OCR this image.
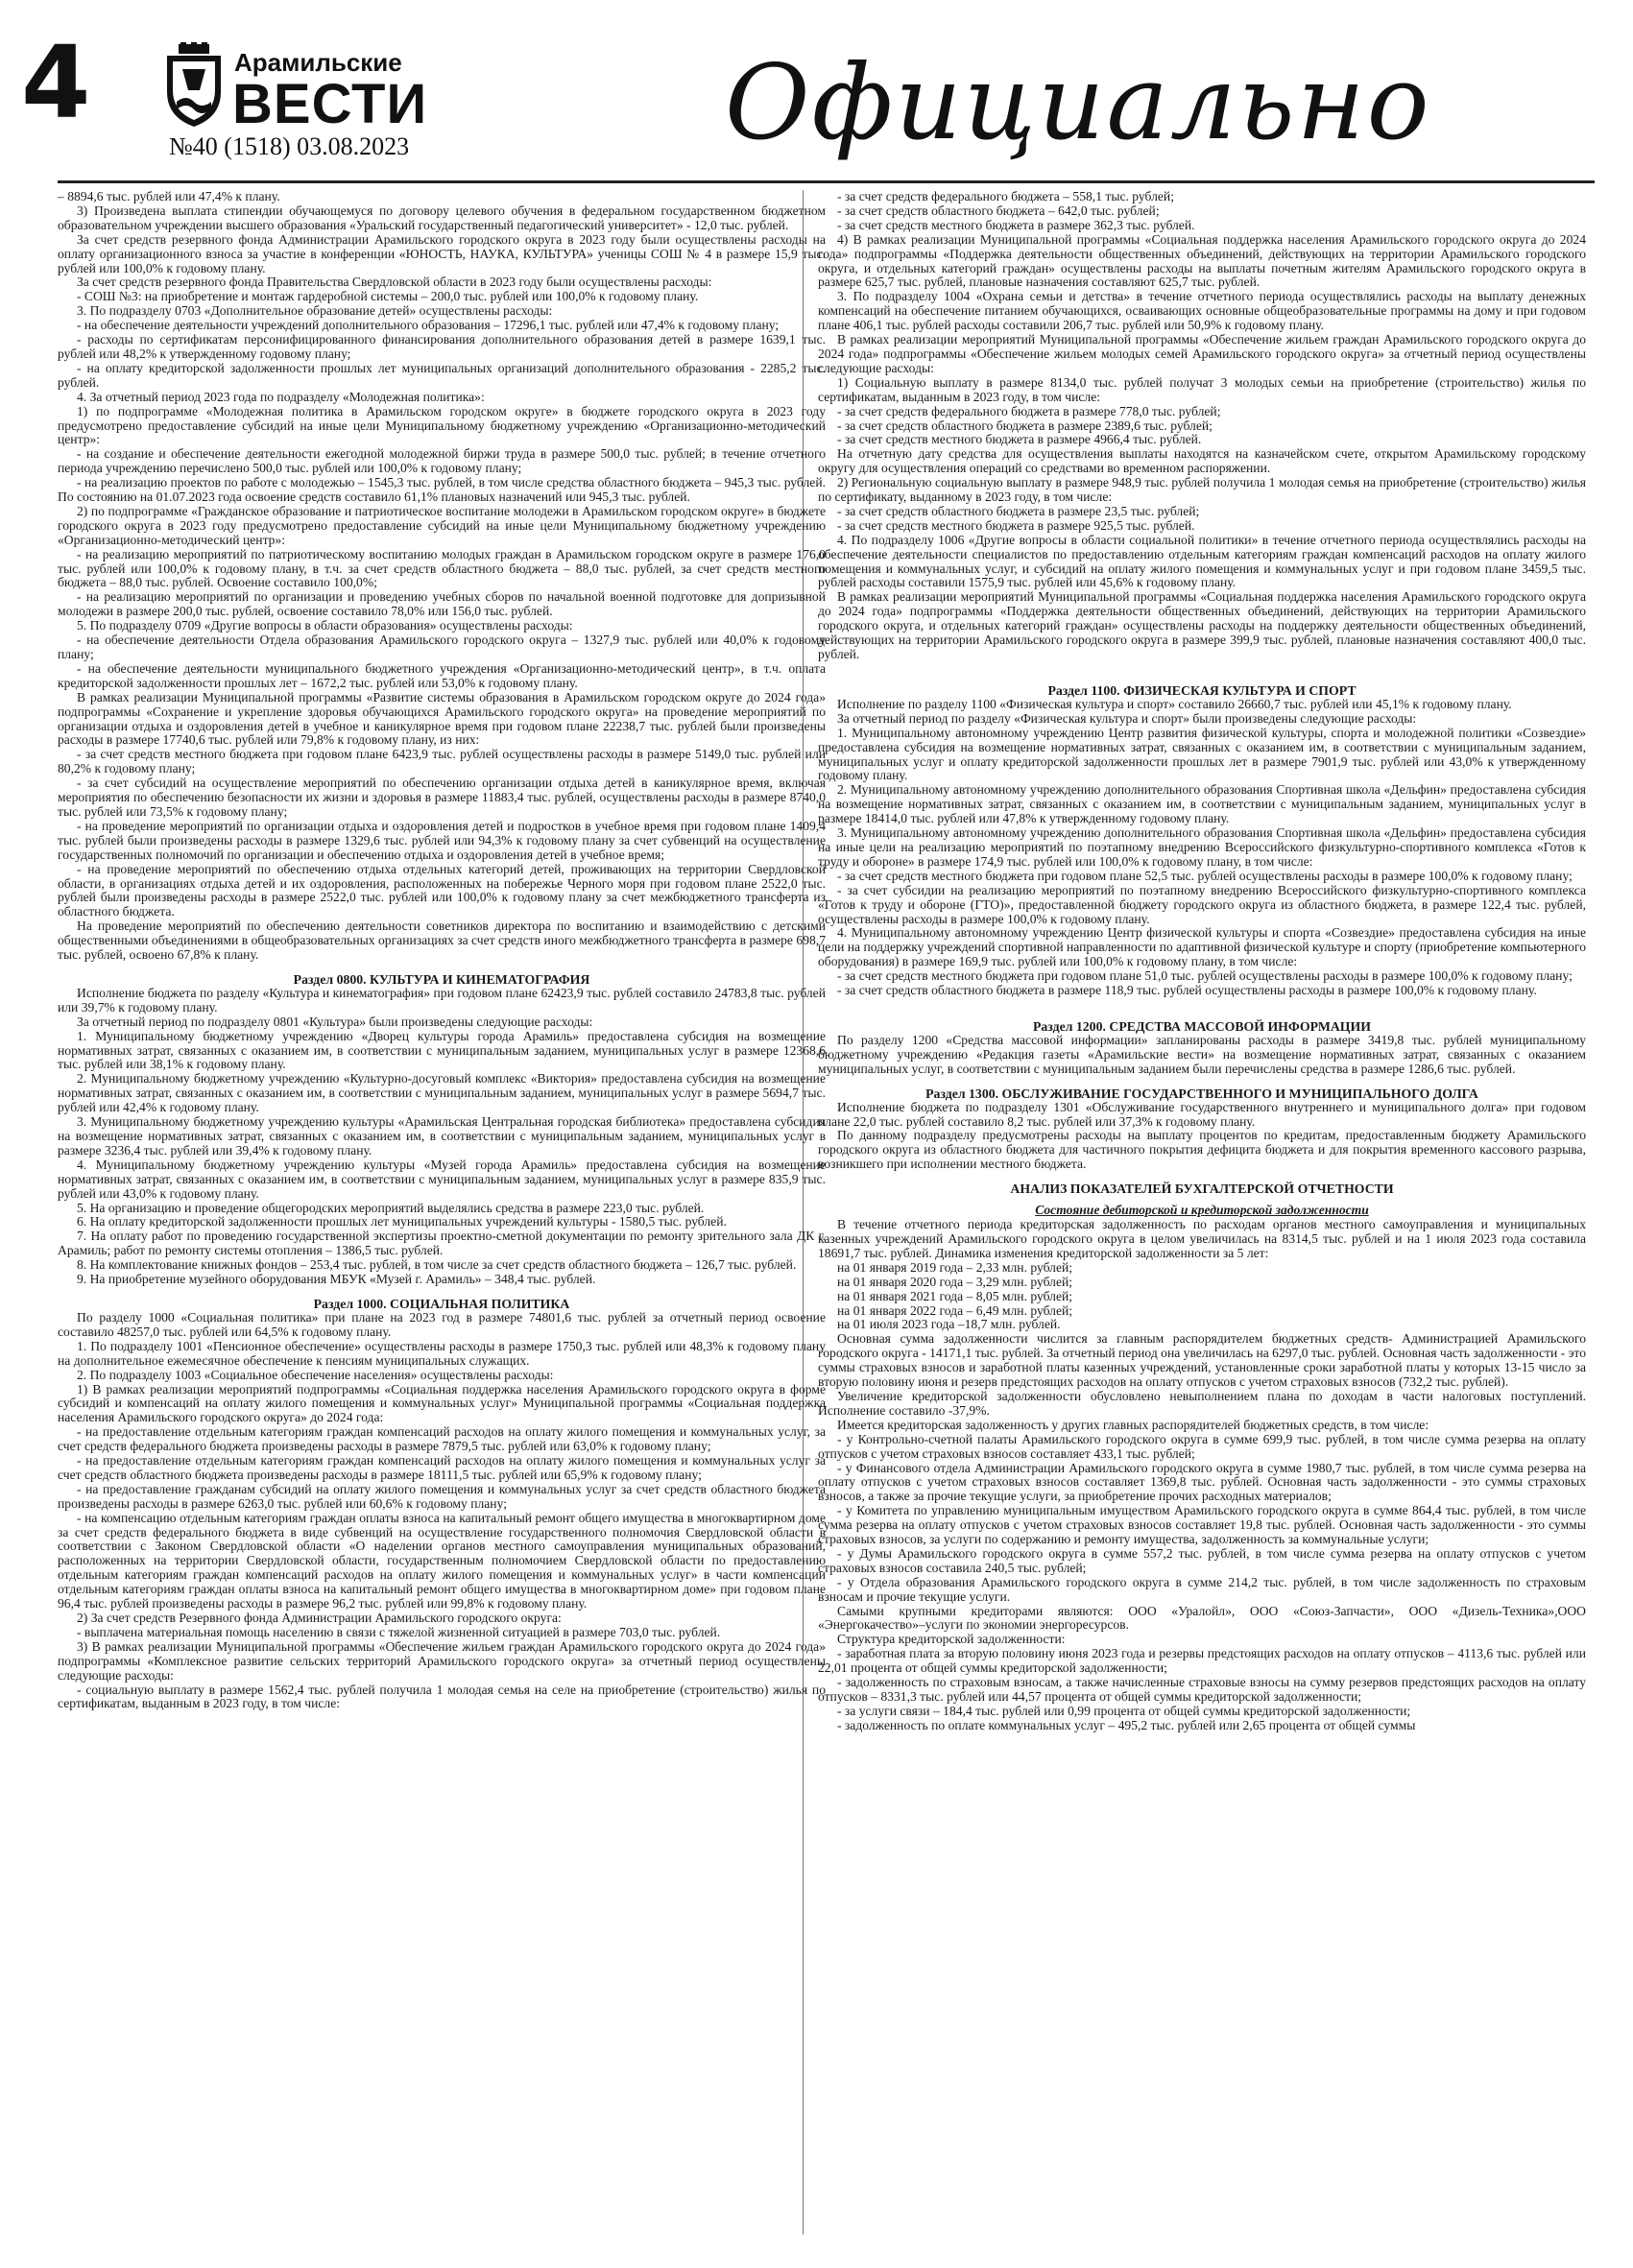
4	Арамильские
ВЕСТИ
№40 (1518) 03.08.2023	Официально

– 8894,6 тыс. рублей или 47,4% к плану.

3) Произведена выплата стипендии обучающемуся по договору целевого обучения в федеральном государственном бюджетном образовательном учреждении высшего образования «Уральский государственный педагогический университет» - 12,0 тыс. рублей.

За счет средств резервного фонда Администрации Арамильского городского округа в 2023 году были осуществлены расходы на оплату организационного взноса за участие в конференции «ЮНОСТЬ, НАУКА, КУЛЬТУРА» ученицы СОШ № 4 в размере 15,9 тыс. рублей или 100,0% к годовому плану.

За счет средств резервного фонда Правительства Свердловской области в 2023 году были осуществлены расходы:

- СОШ №3: на приобретение и монтаж гардеробной системы – 200,0 тыс. рублей или 100,0% к годовому плану.

3. По подразделу 0703 «Дополнительное образование детей» осуществлены расходы:

- на обеспечение деятельности учреждений дополнительного образования – 17296,1 тыс. рублей или 47,4% к годовому плану;

- расходы по сертификатам персонифицированного финансирования дополнительного образования детей в размере 1639,1 тыс. рублей или 48,2% к утвержденному годовому плану;

- на оплату кредиторской задолженности прошлых лет муниципальных организаций дополнительного образования - 2285,2 тыс. рублей.

4. За отчетный период 2023 года по подразделу «Молодежная политика»:

1) по подпрограмме «Молодежная политика в Арамильском городском округе» в бюджете городского округа в 2023 году предусмотрено предоставление субсидий на иные цели Муниципальному бюджетному учреждению «Организационно-методический центр»:

- на создание и обеспечение деятельности ежегодной молодежной биржи труда в размере 500,0 тыс. рублей; в течение отчетного периода учреждению перечислено 500,0 тыс. рублей или 100,0% к годовому плану;

- на реализацию проектов по работе с молодежью – 1545,3 тыс. рублей, в том числе средства областного бюджета – 945,3 тыс. рублей. По состоянию на 01.07.2023 года освоение средств составило 61,1% плановых назначений или 945,3 тыс. рублей.

2) по подпрограмме «Гражданское образование и патриотическое воспитание молодежи в Арамильском городском округе» в бюджете городского округа в 2023 году предусмотрено предоставление субсидий на иные цели Муниципальному бюджетному учреждению «Организационно-методический центр»:

- на реализацию мероприятий по патриотическому воспитанию молодых граждан в Арамильском городском округе в размере 176,0 тыс. рублей или 100,0% к годовому плану, в т.ч. за счет средств областного бюджета – 88,0 тыс. рублей, за счет средств местного бюджета – 88,0 тыс. рублей. Освоение составило 100,0%;

- на реализацию мероприятий по организации и проведению учебных сборов по начальной военной подготовке для допризывной молодежи в размере 200,0 тыс. рублей, освоение составило 78,0% или 156,0 тыс. рублей.

5. По подразделу 0709 «Другие вопросы в области образования» осуществлены расходы:

- на обеспечение деятельности Отдела образования Арамильского городского округа – 1327,9 тыс. рублей или 40,0% к годовому плану;

- на обеспечение деятельности муниципального бюджетного учреждения «Организационно-методический центр», в т.ч. оплата кредиторской задолженности прошлых лет – 1672,2 тыс. рублей или 53,0% к годовому плану.

В рамках реализации Муниципальной программы «Развитие системы образования в Арамильском городском округе до 2024 года» подпрограммы «Сохранение и укрепление здоровья обучающихся Арамильского городского округа» на проведение мероприятий по организации отдыха и оздоровления детей в учебное и каникулярное время при годовом плане 22238,7 тыс. рублей были произведены расходы в размере 17740,6 тыс. рублей или 79,8% к годовому плану, из них:

- за счет средств местного бюджета при годовом плане 6423,9 тыс. рублей осуществлены расходы в размере 5149,0 тыс. рублей или 80,2% к годовому плану;

- за счет субсидий на осуществление мероприятий по обеспечению организации отдыха детей в каникулярное время, включая мероприятия по обеспечению безопасности их жизни и здоровья в размере 11883,4 тыс. рублей, осуществлены расходы в размере 8740,0 тыс. рублей или 73,5% к годовому плану;

- на проведение мероприятий по организации отдыха и оздоровления детей и подростков в учебное время при годовом плане 1409,4 тыс. рублей были произведены расходы в размере 1329,6 тыс. рублей или 94,3% к годовому плану за счет субвенций на осуществление государственных полномочий по организации и обеспечению отдыха и оздоровления детей в учебное время;

- на проведение мероприятий по обеспечению отдыха отдельных категорий детей, проживающих на территории Свердловской области, в организациях отдыха детей и их оздоровления, расположенных на побережье Черного моря при годовом плане 2522,0 тыс. рублей были произведены расходы в размере 2522,0 тыс. рублей или 100,0% к годовому плану за счет межбюджетного трансферта из областного бюджета.

На проведение мероприятий по обеспечению деятельности советников директора по воспитанию и взаимодействию с детскими общественными объединениями в общеобразовательных организациях за счет средств иного межбюджетного трансферта в размере 698,7 тыс. рублей, освоено 67,8% к плану.

Раздел 0800. КУЛЬТУРА И КИНЕМАТОГРАФИЯ

Исполнение бюджета по разделу «Культура и кинематография» при годовом плане 62423,9 тыс. рублей составило 24783,8 тыс. рублей или 39,7% к годовому плану.

За отчетный период по подразделу 0801 «Культура» были произведены следующие расходы:

1. Муниципальному бюджетному учреждению «Дворец культуры города Арамиль» предоставлена субсидия на возмещение нормативных затрат, связанных с оказанием им, в соответствии с муниципальным заданием, муниципальных услуг в размере 12368,6 тыс. рублей или 38,1% к годовому плану.

2. Муниципальному бюджетному учреждению «Культурно-досуговый комплекс «Виктория» предоставлена субсидия на возмещение нормативных затрат, связанных с оказанием им, в соответствии с муниципальным заданием, муниципальных услуг в размере 5694,7 тыс. рублей или 42,4% к годовому плану.

3. Муниципальному бюджетному учреждению культуры «Арамильская Центральная городская библиотека» предоставлена субсидия на возмещение нормативных затрат, связанных с оказанием им, в соответствии с муниципальным заданием, муниципальных услуг в размере 3236,4 тыс. рублей или 39,4% к годовому плану.

4. Муниципальному бюджетному учреждению культуры «Музей города Арамиль» предоставлена субсидия на возмещение нормативных затрат, связанных с оказанием им, в соответствии с муниципальным заданием, муниципальных услуг в размере 835,9 тыс. рублей или 43,0% к годовому плану.

5. На организацию и проведение общегородских мероприятий выделялись средства в размере 223,0 тыс. рублей.

6. На оплату кредиторской задолженности прошлых лет муниципальных учреждений культуры - 1580,5 тыс. рублей.

7. На оплату работ по проведению государственной экспертизы проектно-сметной документации по ремонту зрительного зала ДК г. Арамиль; работ по ремонту системы отопления – 1386,5 тыс. рублей.

8. На комплектование книжных фондов – 253,4 тыс. рублей, в том числе за счет средств областного бюджета – 126,7 тыс. рублей.

9. На приобретение музейного оборудования МБУК «Музей г. Арамиль» – 348,4 тыс. рублей.

Раздел 1000. СОЦИАЛЬНАЯ ПОЛИТИКА

По разделу 1000 «Социальная политика» при плане на 2023 год в размере 74801,6 тыс. рублей за отчетный период освоение составило 48257,0 тыс. рублей или 64,5% к годовому плану.

1. По подразделу 1001 «Пенсионное обеспечение» осуществлены расходы в размере 1750,3 тыс. рублей или 48,3% к годовому плану на дополнительное ежемесячное обеспечение к пенсиям муниципальных служащих.

2. По подразделу 1003 «Социальное обеспечение населения» осуществлены расходы:

1) В рамках реализации мероприятий подпрограммы «Социальная поддержка населения Арамильского городского округа в форме субсидий и компенсаций на оплату жилого помещения и коммунальных услуг» Муниципальной программы «Социальная поддержка населения Арамильского городского округа» до 2024 года:

- на предоставление отдельным категориям граждан компенсаций расходов на оплату жилого помещения и коммунальных услуг, за счет средств федерального бюджета произведены расходы в размере 7879,5 тыс. рублей или 63,0% к годовому плану;

- на предоставление отдельным категориям граждан компенсаций расходов на оплату жилого помещения и коммунальных услуг за счет средств областного бюджета произведены расходы в размере 18111,5 тыс. рублей или 65,9% к годовому плану;

- на предоставление гражданам субсидий на оплату жилого помещения и коммунальных услуг за счет средств областного бюджета произведены расходы в размере 6263,0 тыс. рублей или 60,6% к годовому плану;

- на компенсацию отдельным категориям граждан оплаты взноса на капитальный ремонт общего имущества в многоквартирном доме за счет средств федерального бюджета в виде субвенций на осуществление государственного полномочия Свердловской области в соответствии с Законом Свердловской области «О наделении органов местного самоуправления муниципальных образований, расположенных на территории Свердловской области, государственным полномочием Свердловской области по предоставлению отдельным категориям граждан компенсаций расходов на оплату жилого помещения и коммунальных услуг» в части компенсации отдельным категориям граждан оплаты взноса на капитальный ремонт общего имущества в многоквартирном доме» при годовом плане 96,4 тыс. рублей произведены расходы в размере 96,2 тыс. рублей или 99,8% к годовому плану.

2) За счет средств Резервного фонда Администрации Арамильского городского округа:

- выплачена материальная помощь населению в связи с тяжелой жизненной ситуацией в размере 703,0 тыс. рублей.

3) В рамках реализации Муниципальной программы «Обеспечение жильем граждан Арамильского городского округа до 2024 года» подпрограммы «Комплексное развитие сельских территорий Арамильского городского округа» за отчетный период осуществлены следующие расходы:

- социальную выплату в размере 1562,4 тыс. рублей получила 1 молодая семья на селе на приобретение (строительство) жилья по сертификатам, выданным в 2023 году, в том числе:

- за счет средств федерального бюджета – 558,1 тыс. рублей;

- за счет средств областного бюджета – 642,0 тыс. рублей;

- за счет средств местного бюджета в размере 362,3 тыс. рублей.

4) В рамках реализации Муниципальной программы «Социальная поддержка населения Арамильского городского округа до 2024 года» подпрограммы «Поддержка деятельности общественных объединений, действующих на территории Арамильского городского округа, и отдельных категорий граждан» осуществлены расходы на выплаты почетным жителям Арамильского городского округа в размере 625,7 тыс. рублей, плановые назначения составляют 625,7 тыс. рублей.

3. По подразделу 1004 «Охрана семьи и детства» в течение отчетного периода осуществлялись расходы на выплату денежных компенсаций на обеспечение питанием обучающихся, осваивающих основные общеобразовательные программы на дому и при годовом плане 406,1 тыс. рублей расходы составили 206,7 тыс. рублей или 50,9% к годовому плану.

В рамках реализации мероприятий Муниципальной программы «Обеспечение жильем граждан Арамильского городского округа до 2024 года» подпрограммы «Обеспечение жильем молодых семей Арамильского городского округа» за отчетный период осуществлены следующие расходы:

1) Социальную выплату в размере 8134,0 тыс. рублей получат 3 молодых семьи на приобретение (строительство) жилья по сертификатам, выданным в 2023 году, в том числе:

- за счет средств федерального бюджета в размере 778,0 тыс. рублей;

- за счет средств областного бюджета в размере 2389,6 тыс. рублей;

- за счет средств местного бюджета в размере 4966,4 тыс. рублей.

На отчетную дату средства для осуществления выплаты находятся на казначейском счете, открытом Арамильскому городскому округу для осуществления операций со средствами во временном распоряжении.

2) Региональную социальную выплату в размере 948,9 тыс. рублей получила 1 молодая семья на приобретение (строительство) жилья по сертификату, выданному в 2023 году, в том числе:

- за счет средств областного бюджета в размере 23,5 тыс. рублей;

- за счет средств местного бюджета в размере 925,5 тыс. рублей.

4. По подразделу 1006 «Другие вопросы в области социальной политики» в течение отчетного периода осуществлялись расходы на обеспечение деятельности специалистов по предоставлению отдельным категориям граждан компенсаций расходов на оплату жилого помещения и коммунальных услуг, и субсидий на оплату жилого помещения и коммунальных услуг и при годовом плане 3459,5 тыс. рублей расходы составили 1575,9 тыс. рублей или 45,6% к годовому плану.

В рамках реализации мероприятий Муниципальной программы «Социальная поддержка населения Арамильского городского округа до 2024 года» подпрограммы «Поддержка деятельности общественных объединений, действующих на территории Арамильского городского округа, и отдельных категорий граждан» осуществлены расходы на поддержку деятельности общественных объединений, действующих на территории Арамильского городского округа в размере 399,9 тыс. рублей, плановые назначения составляют 400,0 тыс. рублей.

Раздел 1100. ФИЗИЧЕСКАЯ КУЛЬТУРА И СПОРТ

Исполнение по разделу 1100 «Физическая культура и спорт» составило 26660,7 тыс. рублей или 45,1% к годовому плану.

За отчетный период по разделу «Физическая культура и спорт» были произведены следующие расходы:

1. Муниципальному автономному учреждению Центр развития физической культуры, спорта и молодежной политики «Созвездие» предоставлена субсидия на возмещение нормативных затрат, связанных с оказанием им, в соответствии с муниципальным заданием, муниципальных услуг и оплату кредиторской задолженности прошлых лет в размере 7901,9 тыс. рублей или 43,0% к утвержденному годовому плану.

2. Муниципальному автономному учреждению дополнительного образования Спортивная школа «Дельфин» предоставлена субсидия на возмещение нормативных затрат, связанных с оказанием им, в соответствии с муниципальным заданием, муниципальных услуг в размере 18414,0 тыс. рублей или 47,8% к утвержденному годовому плану.

3. Муниципальному автономному учреждению дополнительного образования Спортивная школа «Дельфин» предоставлена субсидия на иные цели на реализацию мероприятий по поэтапному внедрению Всероссийского физкультурно-спортивного комплекса «Готов к труду и обороне» в размере 174,9 тыс. рублей или 100,0% к годовому плану, в том числе:

- за счет средств местного бюджета при годовом плане 52,5 тыс. рублей осуществлены расходы в размере 100,0% к годовому плану;

- за счет субсидии на реализацию мероприятий по поэтапному внедрению Всероссийского физкультурно-спортивного комплекса «Готов к труду и обороне (ГТО)», предоставленной бюджету городского округа из областного бюджета, в размере 122,4 тыс. рублей, осуществлены расходы в размере 100,0% к годовому плану.

4. Муниципальному автономному учреждению Центр физической культуры и спорта «Созвездие» предоставлена субсидия на иные цели на поддержку учреждений спортивной направленности по адаптивной физической культуре и спорту (приобретение компьютерного оборудования) в размере 169,9 тыс. рублей или 100,0% к годовому плану, в том числе:

- за счет средств местного бюджета при годовом плане 51,0 тыс. рублей осуществлены расходы в размере 100,0% к годовому плану;

- за счет средств областного бюджета в размере 118,9 тыс. рублей осуществлены расходы в размере 100,0% к годовому плану.

Раздел 1200. СРЕДСТВА МАССОВОЙ ИНФОРМАЦИИ

По разделу 1200 «Средства массовой информации» запланированы расходы в размере 3419,8 тыс. рублей муниципальному бюджетному учреждению «Редакция газеты «Арамильские вести» на возмещение нормативных затрат, связанных с оказанием муниципальных услуг, в соответствии с муниципальным заданием были перечислены средства в размере 1286,6 тыс. рублей.

Раздел 1300. ОБСЛУЖИВАНИЕ ГОСУДАРСТВЕННОГО И МУНИЦИПАЛЬНОГО ДОЛГА

Исполнение бюджета по подразделу 1301 «Обслуживание государственного внутреннего и муниципального долга» при годовом плане 22,0 тыс. рублей составило 8,2 тыс. рублей или 37,3% к годовому плану.

По данному подразделу предусмотрены расходы на выплату процентов по кредитам, предоставленным бюджету Арамильского городского округа из областного бюджета для частичного покрытия дефицита бюджета и для покрытия временного кассового разрыва, возникшего при исполнении местного бюджета.

АНАЛИЗ ПОКАЗАТЕЛЕЙ БУХГАЛТЕРСКОЙ ОТЧЕТНОСТИ
Состояние дебиторской и кредиторской задолженности

В течение отчетного периода кредиторская задолженность по расходам органов местного самоуправления и муниципальных казенных учреждений Арамильского городского округа в целом увеличилась на 8314,5 тыс. рублей и на 1 июля 2023 года составила 18691,7 тыс. рублей. Динамика изменения кредиторской задолженности за 5 лет:

на 01 января 2019 года – 2,33 млн. рублей;

на 01 января 2020 года – 3,29 млн. рублей;

на 01 января 2021 года – 8,05 млн. рублей;

на 01 января 2022 года – 6,49 млн. рублей;

на 01 июля 2023 года –18,7 млн. рублей.

Основная сумма задолженности числится за главным распорядителем бюджетных средств- Администрацией Арамильского городского округа - 14171,1 тыс. рублей. За отчетный период она увеличилась на 6297,0 тыс. рублей. Основная часть задолженности - это суммы страховых взносов и заработной платы казенных учреждений, установленные сроки заработной платы у которых 13-15 число за вторую половину июня и резерв предстоящих расходов на оплату отпусков с учетом страховых взносов (732,2 тыс. рублей).

Увеличение кредиторской задолженности обусловлено невыполнением плана по доходам в части налоговых поступлений. Исполнение составило -37,9%.

Имеется кредиторская задолженность у других главных распорядителей бюджетных средств, в том числе:

- у Контрольно-счетной палаты Арамильского городского округа в сумме 699,9 тыс. рублей, в том числе сумма резерва на оплату отпусков с учетом страховых взносов составляет 433,1 тыс. рублей;

- у Финансового отдела Администрации Арамильского городского округа в сумме 1980,7 тыс. рублей, в том числе сумма резерва на оплату отпусков с учетом страховых взносов составляет 1369,8 тыс. рублей. Основная часть задолженности - это суммы страховых взносов, а также за прочие текущие услуги, за приобретение прочих расходных материалов;

- у Комитета по управлению муниципальным имуществом Арамильского городского округа в сумме 864,4 тыс. рублей, в том числе сумма резерва на оплату отпусков с учетом страховых взносов составляет 19,8 тыс. рублей. Основная часть задолженности - это суммы страховых взносов, за услуги по содержанию и ремонту имущества, задолженность за коммунальные услуги;

- у Думы Арамильского городского округа в сумме 557,2 тыс. рублей, в том числе сумма резерва на оплату отпусков с учетом страховых взносов составила 240,5 тыс. рублей;

- у Отдела образования Арамильского городского округа в сумме 214,2 тыс. рублей, в том числе задолженность по страховым взносам и прочие текущие услуги.

Самыми крупными кредиторами являются: ООО «Уралойл», ООО «Союз-Запчасти», ООО «Дизель-Техника»,ООО «Энергокачество»–услуги по экономии энергоресурсов.

Структура кредиторской задолженности:

- заработная плата за вторую половину июня 2023 года и резервы предстоящих расходов на оплату отпусков – 4113,6 тыс. рублей или 22,01 процента от общей суммы кредиторской задолженности;

- задолженность по страховым взносам, а также начисленные страховые взносы на сумму резервов предстоящих расходов на оплату отпусков – 8331,3 тыс. рублей или 44,57 процента от общей суммы кредиторской задолженности;

- за услуги связи – 184,4 тыс. рублей или 0,99 процента от общей суммы кредиторской задолженности;

- задолженность по оплате коммунальных услуг – 495,2 тыс. рублей или 2,65 процента от общей суммы
